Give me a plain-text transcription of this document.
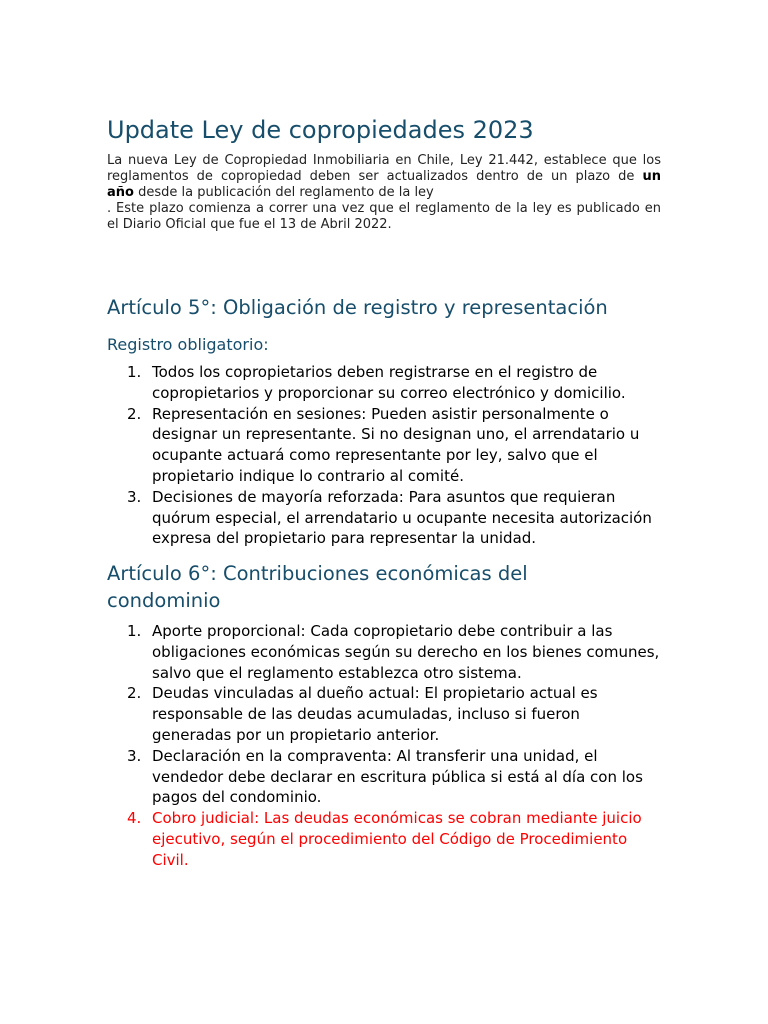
Update Ley de copropiedades 2023

La nueva Ley de Copropiedad Inmobiliaria en Chile, Ley 21.442, establece que los
reglamentos de copropiedad deben ser actualizados dentro de un plazo de un
año desde la publicación del reglamento de la ley
. Este plazo comienza a correr una vez que el reglamento de la ley es publicado en
el Diario Oficial que fue el 13 de Abril 2022.

Artículo 5°: Obligación de registro y representación
Registro obligatorio:
1. Todos los copropietarios deben registrarse en el registro de
copropietarios y proporcionar su correo electrónico y domicilio.
2. Representación en sesiones: Pueden asistir personalmente o
designar un representante. Si no designan uno, el arrendatario u
ocupante actuará como representante por ley, salvo que el
propietario indique lo contrario al comité.
3. Decisiones de mayoría reforzada: Para asuntos que requieran
quórum especial, el arrendatario u ocupante necesita autorización
expresa del propietario para representar la unidad.
Artículo 6°: Contribuciones económicas del
condominio
1. Aporte proporcional: Cada copropietario debe contribuir a las
obligaciones económicas según su derecho en los bienes comunes,
salvo que el reglamento establezca otro sistema.
2. Deudas vinculadas al dueño actual: El propietario actual es
responsable de las deudas acumuladas, incluso si fueron
generadas por un propietario anterior.
3. Declaración en la compraventa: Al transferir una unidad, el
vendedor debe declarar en escritura pública si está al día con los
pagos del condominio.
4. Cobro judicial: Las deudas económicas se cobran mediante juicio
ejecutivo, según el procedimiento del Código de Procedimiento
Civil.
